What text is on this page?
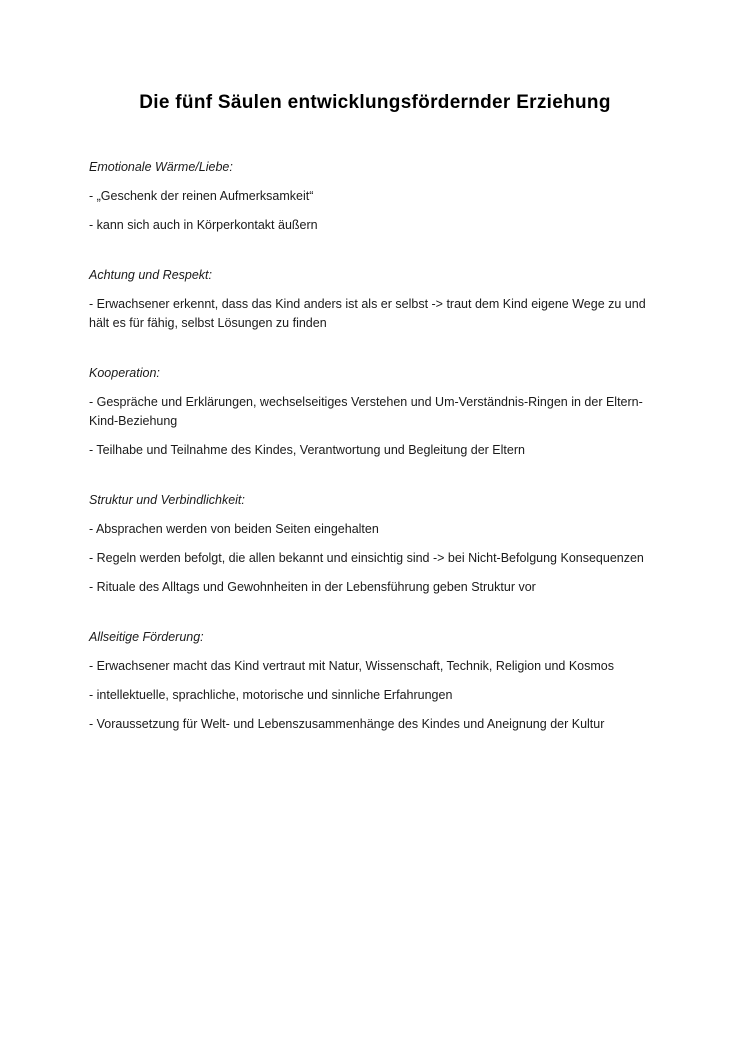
Die fünf Säulen entwicklungsfördernder Erziehung
Emotionale Wärme/Liebe:
- „Geschenk der reinen Aufmerksamkeit“
- kann sich auch in Körperkontakt äußern
Achtung und Respekt:
- Erwachsener erkennt, dass das Kind anders ist als er selbst -> traut dem Kind eigene Wege zu und hält es für fähig, selbst Lösungen zu finden
Kooperation:
- Gespräche und Erklärungen, wechselseitiges Verstehen und Um-Verständnis-Ringen in der Eltern-Kind-Beziehung
- Teilhabe und Teilnahme des Kindes, Verantwortung und Begleitung der Eltern
Struktur und Verbindlichkeit:
- Absprachen werden von beiden Seiten eingehalten
- Regeln werden befolgt, die allen bekannt und einsichtig sind -> bei Nicht-Befolgung Konsequenzen
- Rituale des Alltags und Gewohnheiten in der Lebensführung geben Struktur vor
Allseitige Förderung:
- Erwachsener macht das Kind vertraut mit Natur, Wissenschaft, Technik, Religion und Kosmos
- intellektuelle, sprachliche, motorische und sinnliche Erfahrungen
- Voraussetzung für Welt- und Lebenszusammenhänge des Kindes und Aneignung der Kultur
